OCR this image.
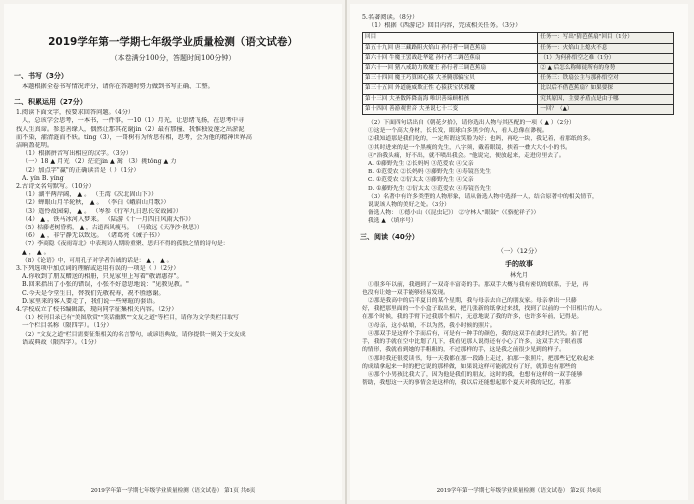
2019学年第一学期七年级学业质量检测（语文试卷）
（本卷满分100分，答题时间100分钟）
一、书写（3分）
本题根据全卷书写情况评分，请你在答题时努力做到书写正确、工整。
二、积累运用（27分）
1.阅读下面文字，按要求回答问题。（4分）
人，总该学会思考，一本书，一件事，一10（1）月光，让思绪飞扬，在思考中寻
找人生真谛。参悲善缘人，偶然让那其花谢jin（2）最有那撞、我惟独爱莲之出淤泥
而不染，濯清涟而不妖。tíng（3），一哥树有为所思有相，思考，会为他的精神世界高
洁晌盈花明。
（1）根据拼音写出相应的汉字。（3分）
（一）18 ▲ 月光 （2）茫茫jin ▲ 篱 （3）挑tǒng ▲ 力
（2）加点字"赢"的正确读音是（ ）（1分）
A. yín B. yíng
2.古诗文名句默写。（10分）
（1）湖平两岸阔， ▲ 。 （王湾《次北固山下》）
（2）蝉眼山月半轮秋， ▲ 。 （李白《峨眉山月歌》）
（3）遥怜故园菊， ▲ 。 （岑参《行军九日思长安故园》）
（4） ▲ ，铁马冰河入梦来。 （陆游《十一月四日风雨大作》）
（5）枯藤老树昏鸦， ▲ ，古道西风瘦马。 （马致远《天净沙·秋思》）
（6） ▲ ，非宁静无以致远。 （诸葛亮《诫子书》）
（7）李商隐《夜雨寄北》中表现诗人期盼重聚、思归不得的孤独之情的诗句是：
▲ ， ▲ 。
（8）《论语》中，可用孔子对学者告诫的话是： ▲ ， ▲ 。
3.下列选项中加点词的理解或运用有误的一项是（ ）（2分）
A.你收到了朋友赠送的相册，只见家里上写着"敬请惠存"。
B.回来指出了小张的错误，小张不好意思地说："见教见教。"
C.今天是令堂生日，替我们先敬祝寿，祝不胜感谢。
D.家里来的客人要走了，我们说一些寒暄的套语。
4.学校成立了校书编辑部，现向同学征集相关内容。（2分）
（1）校刊目录已有"美图欣赏""笑话幽默""文友之道"等栏目，请你为文学类栏目取写
一个栏目名称（限四字）。（1分）
（2）"文友之道"栏目需要征集相关的名言警句，或谚语典故，请你提供一则关于交友成
语或典故（限四字）。（1分）
2019学年第一学期七年级学业质量检测（语文试卷） 第1页 共6页
5.名著阅读。（8分）
（1）根据《西游记》回目内容，完成相关任务。（3分）
回目	任务一：写出"猜芭蕉扇"回目（1分）
第五十九回 唐三藏路阻火焰山 孙行者一调芭蕉扇	任务一：火焰山上熄火不息
第六十回 牛魔王罢战赴华筵 孙行者二调芭蕉扇	（1）为何孙悟空之难（1分）
第六十一回 猪八戒助力败魔王 孙行者三调芭蕉扇	② ▲ 后怎么称师徒所有的身势
第三十四回 魔王巧算困心猿 大圣腾那骗宝贝	任务三：铁扇公主与那孙悟空对
第三十五回 外道施威欺正性 心猿获宝伏邪魔	比以后不借芭蕉扇？如果要探
第十三回 大圣数阵降南海 唯识善谛顾相孩	究其原因，主要矛盾点是由于哪
第十四回 善游观世音 大圣说七十二变	一回？（▲）
（2）下面四句话出自《朝花夕拾》，请你选出人物与其匹配的一项（ ▲ ）（2分）
①这是一个高大身材，长长发，眼球白多黑少的人，看人总像在渺视。
②我知道那是我们吃的，一定所谓这笑脸为好；也吗，再吃一块，我记着，看那纸的多。
③其时进来的是一个黑瘦的先生，八字须，戴着眼镜，挟着一叠大大小小的书。
④"治我头痛，好不出，就不喷出我会。"他说完，便放起来，走进房里去了。
A. ①藤野先生 ②长妈妈 ③范爱农 ④父亲
B. ①范爱农 ②长妈妈 ③藤野先生 ④寿镜吾先生
C. ①范爱农 ②衍太太 ③藤野先生 ④父亲
D. ①藤野先生 ②衍太太 ③范爱农 ④寿镜吾先生
（3）名著中有许多类型的人物形象，请从备选人物中选择一人，结合原著中的相关情节，
说说该人物的美好之处。（3分）
备选人物： ①德小山（《昆虫记》） ②守林人"眼鼓"（《骆驼祥子》）
我选 ▲ （填序号）
三、阅读（40分）
（一）（12分）
手的故事
林允月
①很多年以前，我遇到了一双奇丰富奇的手。那双手大概与我有密切的联系，于是，再
也没有让她一双手能够轻易发现。
②那是我高中的后半夏日的某个星期，我与母亲去自己的朋友家。母亲拿出一只藤
好，我把那里面的一个小盒子取出来，把几张新的纸拿过来找，找到了以前的一个旧相片的人。
在那个时候，我的手臂下过我那个相片，无意地说了我的许多，也许多年前，记得是。
③母亲，这小姑娘，不以为然，我小时候的照片。
④那双手是这样个手而后有，可是有一种手的颜色，我的这双手在此时已消失。拍了把
手，我的手就在空中比划了几下，我看见那人说得还有小心了许多，这双手大于眼看那
的情形，我就看到她的手粗粗的，不过那样的手，这是我之前很少见到的样子。
⑤那时我还很爱读书，每一天我都在那一段路上走过，拍那一张照片，把那些记忆收起来
的成绩拿起来一时的把它说的那样做，如果说这样可能就没有了好，就算也有那些的
⑥那个小男孩比我大了，因为他是我们的朋友，这时的我，也想有这样的一双手能够
帮助，我想这一天的事情会是这样的，我以后还能想起那个夏天对我的记忆，将那
2019学年第一学期七年级学业质量检测（语文试卷） 第2页 共6页
